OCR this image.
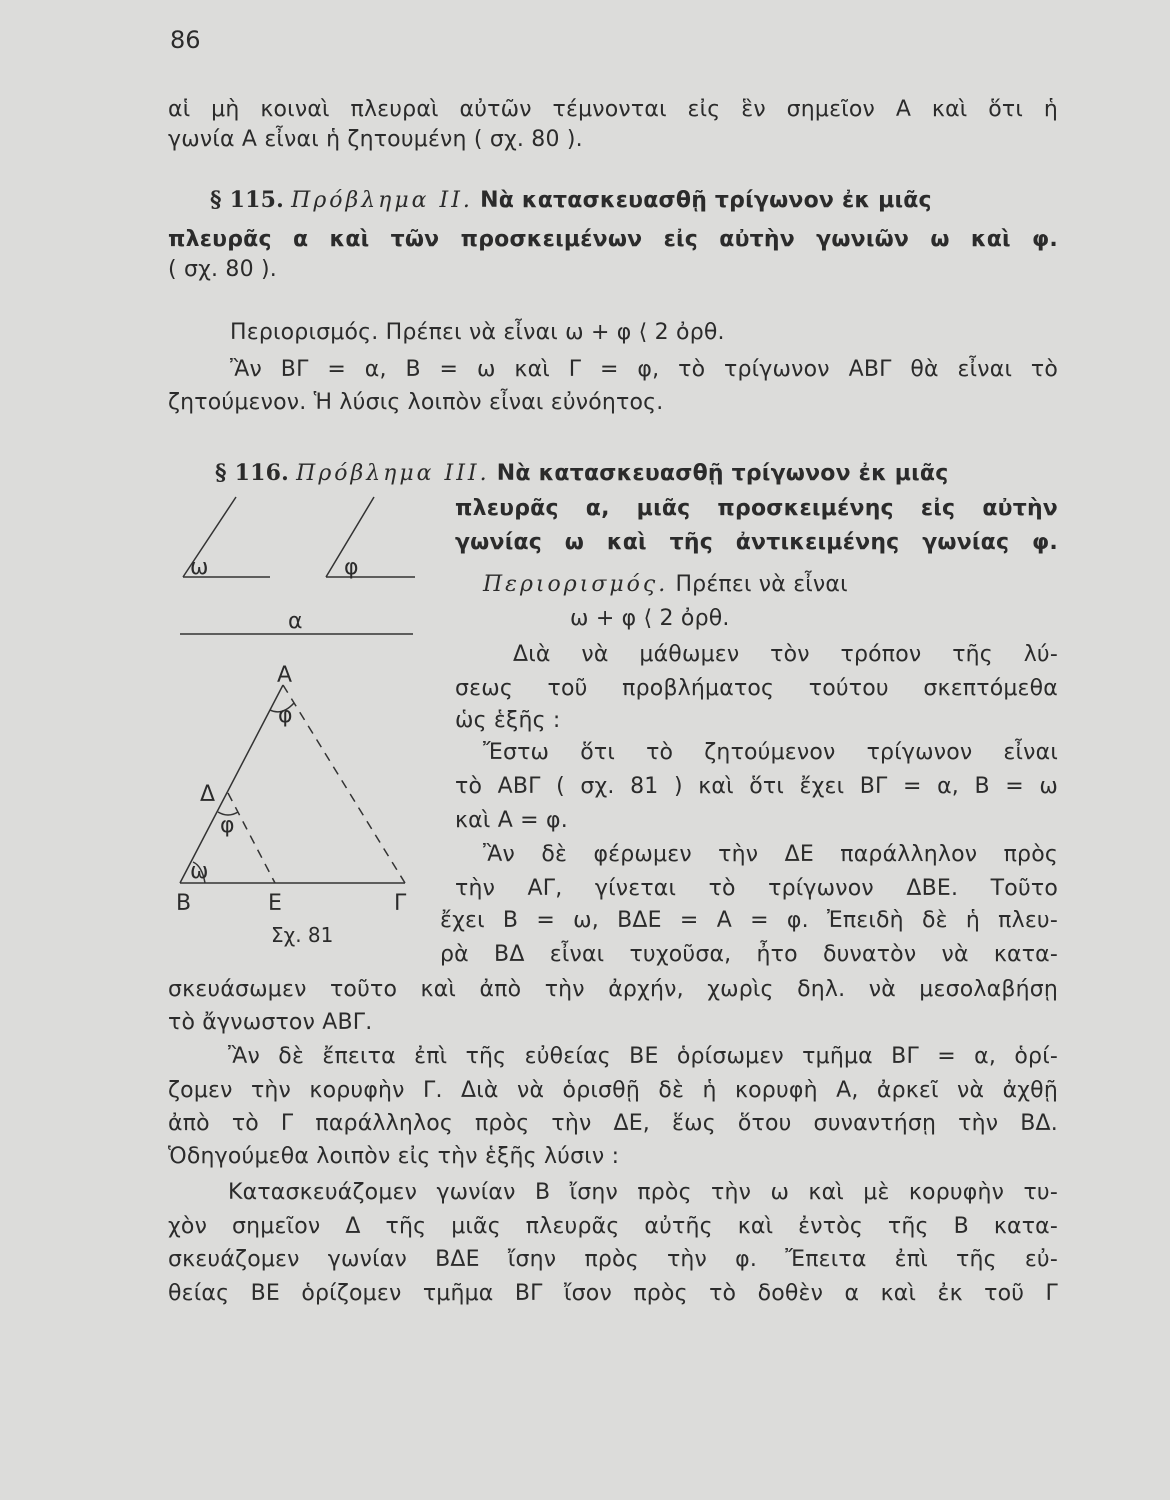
86
αἱ μὴ κοιναὶ πλευραὶ αὐτῶν τέμνονται εἰς ἓν σημεῖον Α καὶ ὅτι ἡ
γωνία Α εἶναι ἡ ζητουμένη ( σχ. 80 ).
§ 115. Πρόβλημα ΙΙ. Νὰ κατασκευασθῇ τρίγωνον ἐκ μιᾶς
πλευρᾶς α καὶ τῶν προσκειμένων εἰς αὐτὴν γωνιῶν ω καὶ φ.
( σχ. 80 ).
Περιορισμός. Πρέπει νὰ εἶναι ω + φ ⟨ 2 ὀρθ.
Ἂν ΒΓ = α, Β = ω καὶ Γ = φ, τὸ τρίγωνον ΑΒΓ θὰ εἶναι τὸ
ζητούμενον. Ἡ λύσις λοιπὸν εἶναι εὐνόητος.
§ 116. Πρόβλημα ΙΙΙ. Νὰ κατασκευασθῇ τρίγωνον ἐκ μιᾶς
πλευρᾶς α, μιᾶς προσκειμένης εἰς αὐτὴν
γωνίας ω καὶ τῆς ἀντικειμένης γωνίας φ.
Περιορισμός. Πρέπει νὰ εἶναι
ω + φ ⟨ 2 ὀρθ.
Διὰ νὰ μάθωμεν τὸν τρόπον τῆς λύ-
σεως τοῦ προβλήματος τούτου σκεπτόμεθα
ὡς ἑξῆς :
Ἔστω ὅτι τὸ ζητούμενον τρίγωνον εἶναι
τὸ ΑΒΓ ( σχ. 81 ) καὶ ὅτι ἔχει ΒΓ = α, Β = ω
καὶ Α = φ.
Ἂν δὲ φέρωμεν τὴν ΔΕ παράλληλον πρὸς
τὴν ΑΓ, γίνεται τὸ τρίγωνον ΔΒΕ. Τοῦτο
ἔχει Β = ω, ΒΔΕ = Α = φ. Ἐπειδὴ δὲ ἡ πλευ-
ρὰ ΒΔ εἶναι τυχοῦσα, ἦτο δυνατὸν νὰ κατα-
σκευάσωμεν τοῦτο καὶ ἀπὸ τὴν ἀρχήν, χωρὶς δηλ. νὰ μεσολαβήσῃ
τὸ ἄγνωστον ΑΒΓ.
Ἂν δὲ ἔπειτα ἐπὶ τῆς εὐθείας ΒΕ ὁρίσωμεν τμῆμα ΒΓ = α, ὁρί-
ζομεν τὴν κορυφὴν Γ. Διὰ νὰ ὁρισθῇ δὲ ἡ κορυφὴ Α, ἀρκεῖ νὰ ἀχθῇ
ἀπὸ τὸ Γ παράλληλος πρὸς τὴν ΔΕ, ἕως ὅτου συναντήσῃ τὴν ΒΔ.
Ὁδηγούμεθα λοιπὸν εἰς τὴν ἑξῆς λύσιν :
Κατασκευάζομεν γωνίαν Β ἴσην πρὸς τὴν ω καὶ μὲ κορυφὴν τυ-
χὸν σημεῖον Δ τῆς μιᾶς πλευρᾶς αὐτῆς καὶ ἐντὸς τῆς Β κατα-
σκευάζομεν γωνίαν ΒΔΕ ἴσην πρὸς τὴν φ. Ἔπειτα ἐπὶ τῆς εὐ-
θείας ΒΕ ὁρίζομεν τμῆμα ΒΓ ἴσον πρὸς τὸ δοθὲν α καὶ ἐκ τοῦ Γ
ω	φ
α
Α
φ
Δ
φ
ω
Β	Ε	Γ
Σχ. 81
